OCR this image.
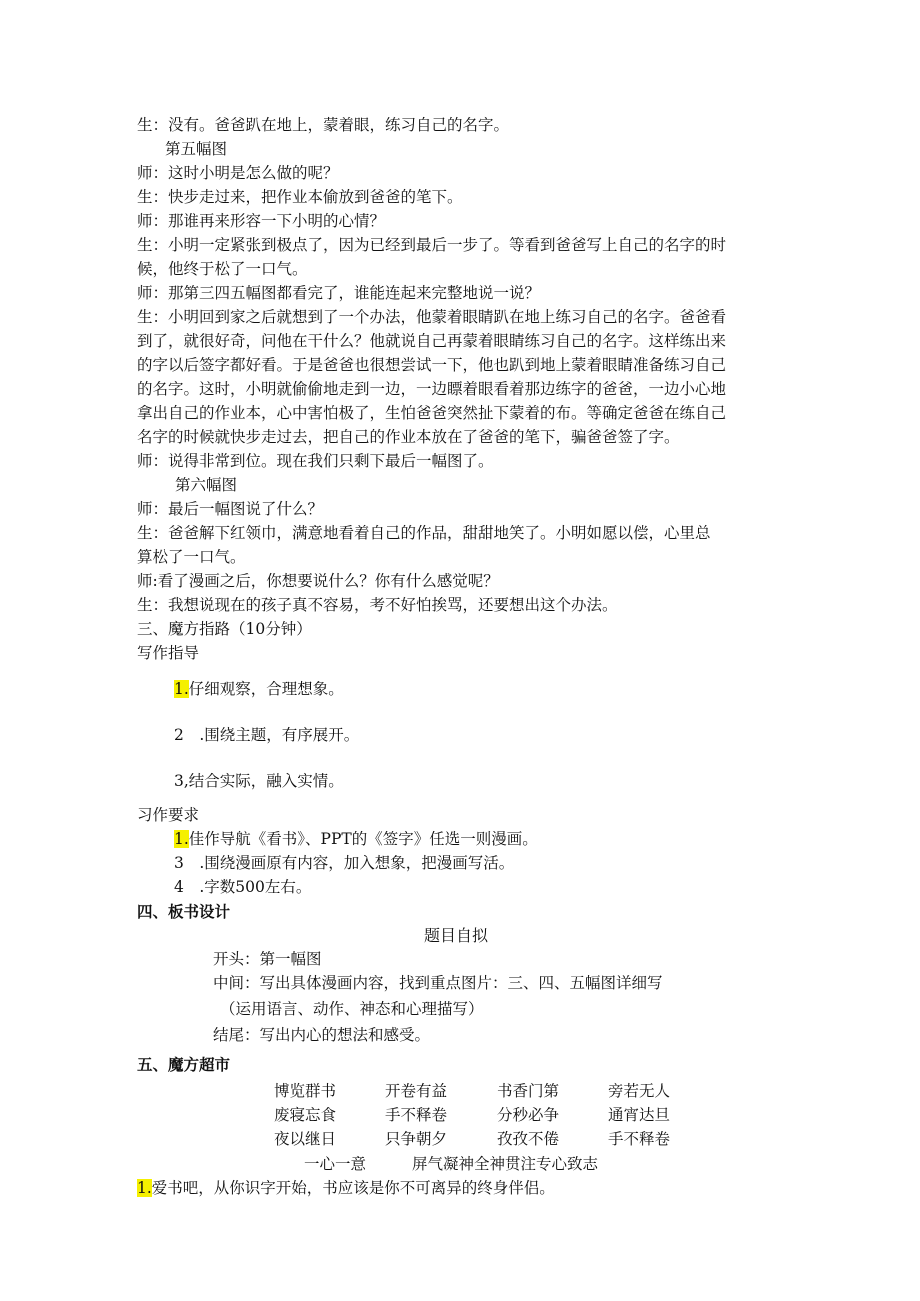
生：没有。爸爸趴在地上，蒙着眼，练习自己的名字。
第五幅图
师：这时小明是怎么做的呢？
生：快步走过来，把作业本偷放到爸爸的笔下。
师：那谁再来形容一下小明的心情？
生：小明一定紧张到极点了，因为已经到最后一步了。等看到爸爸写上自己的名字的时
候，他终于松了一口气。
师：那第三四五幅图都看完了，谁能连起来完整地说一说？
生：小明回到家之后就想到了一个办法，他蒙着眼睛趴在地上练习自己的名字。爸爸看
到了，就很好奇，问他在干什么？他就说自己再蒙着眼睛练习自己的名字。这样练出来
的字以后签字都好看。于是爸爸也很想尝试一下，他也趴到地上蒙着眼睛准备练习自己
的名字。这时，小明就偷偷地走到一边，一边瞟着眼看着那边练字的爸爸，一边小心地
拿出自己的作业本，心中害怕极了，生怕爸爸突然扯下蒙着的布。等确定爸爸在练自己
名字的时候就快步走过去，把自己的作业本放在了爸爸的笔下，骗爸爸签了字。
师：说得非常到位。现在我们只剩下最后一幅图了。
第六幅图
师：最后一幅图说了什么？
生：爸爸解下红领巾，满意地看着自己的作品，甜甜地笑了。小明如愿以偿，心里总
算松了一口气。
师:看了漫画之后，你想要说什么？你有什么感觉呢？
生：我想说现在的孩子真不容易，考不好怕挨骂，还要想出这个办法。
三、魔方指路（10分钟）
写作指导
1.仔细观察，合理想象。
2　.围绕主题，有序展开。
3,结合实际，融入实情。
习作要求
1.佳作导航《看书》、PPT的《签字》任选一则漫画。
3　.围绕漫画原有内容，加入想象，把漫画写活。
4　.字数500左右。
四、板书设计
题目自拟
开头：第一幅图
中间：写出具体漫画内容，找到重点图片：三、四、五幅图详细写
（运用语言、动作、神态和心理描写）
结尾：写出内心的想法和感受。
五、魔方超市
博览群书	开卷有益	书香门第	旁若无人
废寝忘食	手不释卷	分秒必争	通宵达旦
夜以继日	只争朝夕	孜孜不倦	手不释卷
一心一意	屏气凝神全神贯注专心致志
1.爱书吧，从你识字开始，书应该是你不可离异的终身伴侣。
